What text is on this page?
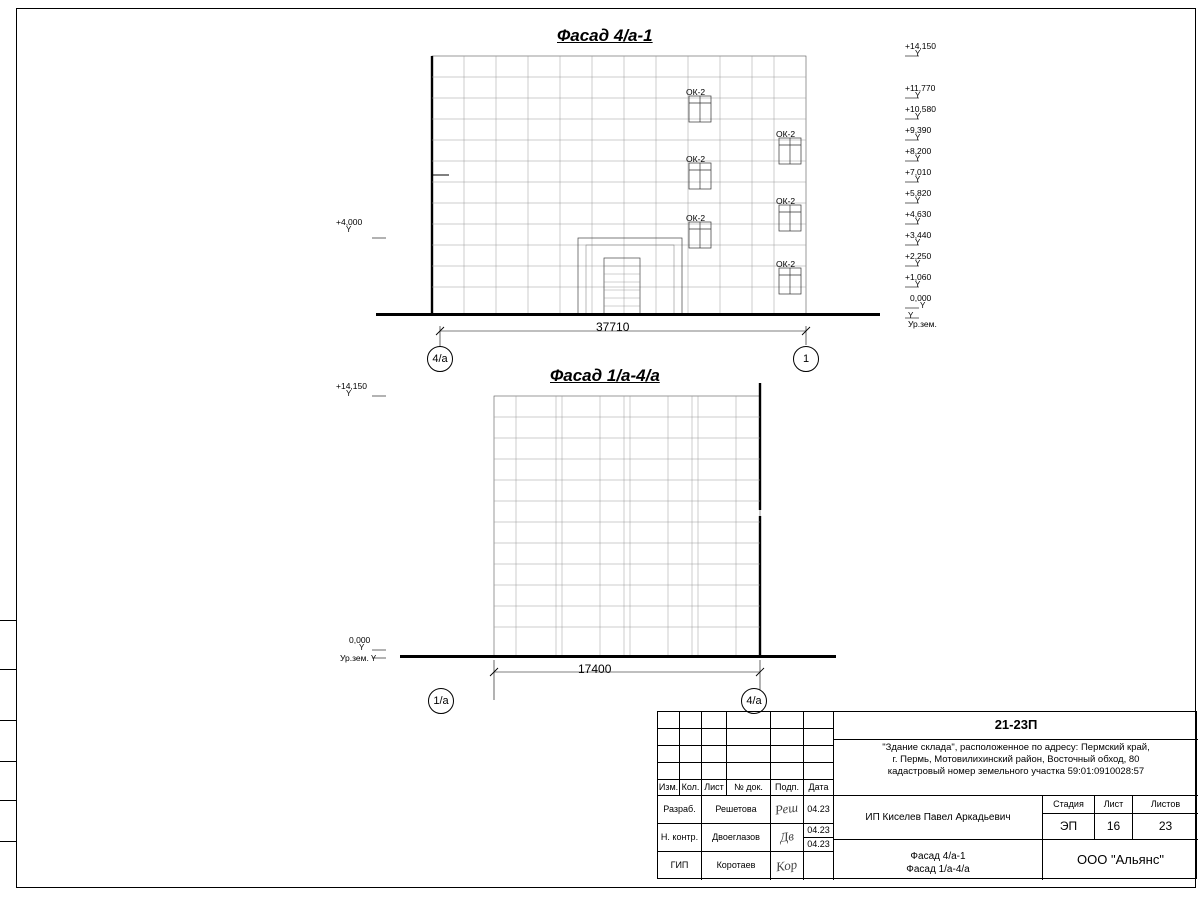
Фасад 4/а-1
Фасад 1/а-4/а
+14,150
Y
+11,770
Y
+10,580
Y
+9,390
Y
+8,200
Y
+7,010
Y
+5,820
Y
+4,630
Y
+3,440
Y
+2,250
Y
+1,060
Y
0,000
Y
Y
Ур.зем.
+4,000
Y
ОК-2
ОК-2
ОК-2
ОК-2
ОК-2
ОК-2
37710
4/а	1
+14,150
Y
0,000
Y
Ур.зем. Y
17400
1/а	4/а
Изм. Кол. Лист	№ док.	Подп.	Дата
Разраб.	Решетова	Реш 04.23
Н. контр.	Двоеглазов	Дв	04.23
04.23
ГИП	Коротаев	Кор
21-23П
"Здание склада", расположенное по адресу: Пермский край,
г. Пермь, Мотовилихинский район, Восточный обход, 80
кадастровый номер земельного участка 59:01:0910028:57
ИП Киселев Павел Аркадьевич
Фасад 4/а-1
Фасад 1/а-4/а
Стадия	Лист	Листов
ЭП	16	23
ООО "Альянс"
